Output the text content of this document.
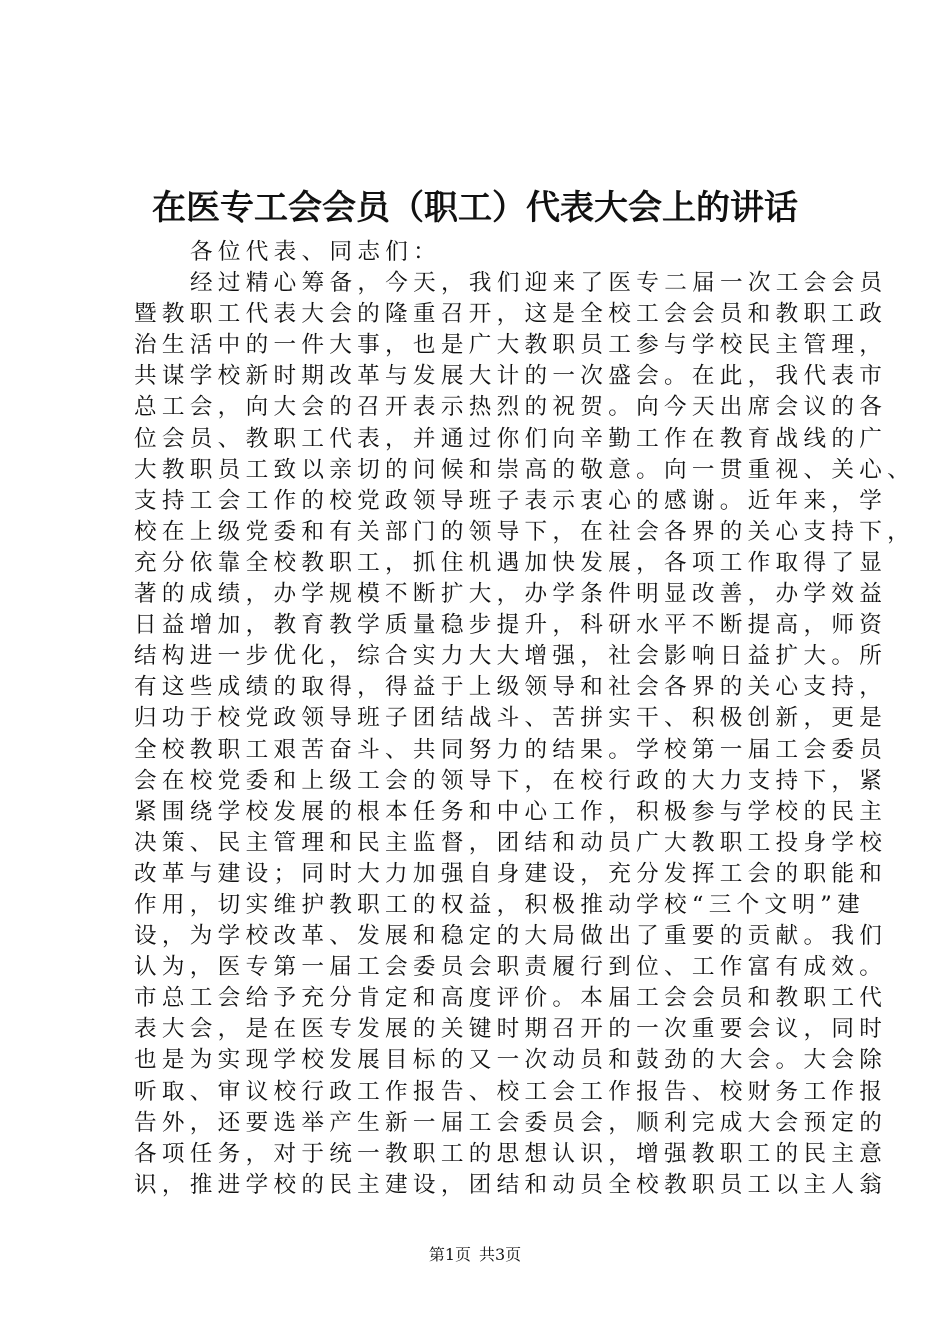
在医专工会会员（职工）代表大会上的讲话
各位代表、同志们：
经过精心筹备，今天，我们迎来了医专二届一次工会会员
暨教职工代表大会的隆重召开，这是全校工会会员和教职工政
治生活中的一件大事，也是广大教职员工参与学校民主管理，
共谋学校新时期改革与发展大计的一次盛会。在此，我代表市
总工会，向大会的召开表示热烈的祝贺。向今天出席会议的各
位会员、教职工代表，并通过你们向辛勤工作在教育战线的广
大教职员工致以亲切的问候和崇高的敬意。向一贯重视、关心、
支持工会工作的校党政领导班子表示衷心的感谢。近年来，学
校在上级党委和有关部门的领导下，在社会各界的关心支持下，
充分依靠全校教职工，抓住机遇加快发展，各项工作取得了显
著的成绩，办学规模不断扩大，办学条件明显改善，办学效益
日益增加，教育教学质量稳步提升，科研水平不断提高，师资
结构进一步优化，综合实力大大增强，社会影响日益扩大。所
有这些成绩的取得，得益于上级领导和社会各界的关心支持，
归功于校党政领导班子团结战斗、苦拼实干、积极创新，更是
全校教职工艰苦奋斗、共同努力的结果。学校第一届工会委员
会在校党委和上级工会的领导下，在校行政的大力支持下，紧
紧围绕学校发展的根本任务和中心工作，积极参与学校的民主
决策、民主管理和民主监督，团结和动员广大教职工投身学校
改革与建设；同时大力加强自身建设，充分发挥工会的职能和
作用，切实维护教职工的权益，积极推动学校“三个文明”建
设，为学校改革、发展和稳定的大局做出了重要的贡献。我们
认为，医专第一届工会委员会职责履行到位、工作富有成效。
市总工会给予充分肯定和高度评价。本届工会会员和教职工代
表大会，是在医专发展的关键时期召开的一次重要会议，同时
也是为实现学校发展目标的又一次动员和鼓劲的大会。大会除
听取、审议校行政工作报告、校工会工作报告、校财务工作报
告外，还要选举产生新一届工会委员会，顺利完成大会预定的
各项任务，对于统一教职工的思想认识，增强教职工的民主意
识，推进学校的民主建设，团结和动员全校教职员工以主人翁
第1页 共3页
